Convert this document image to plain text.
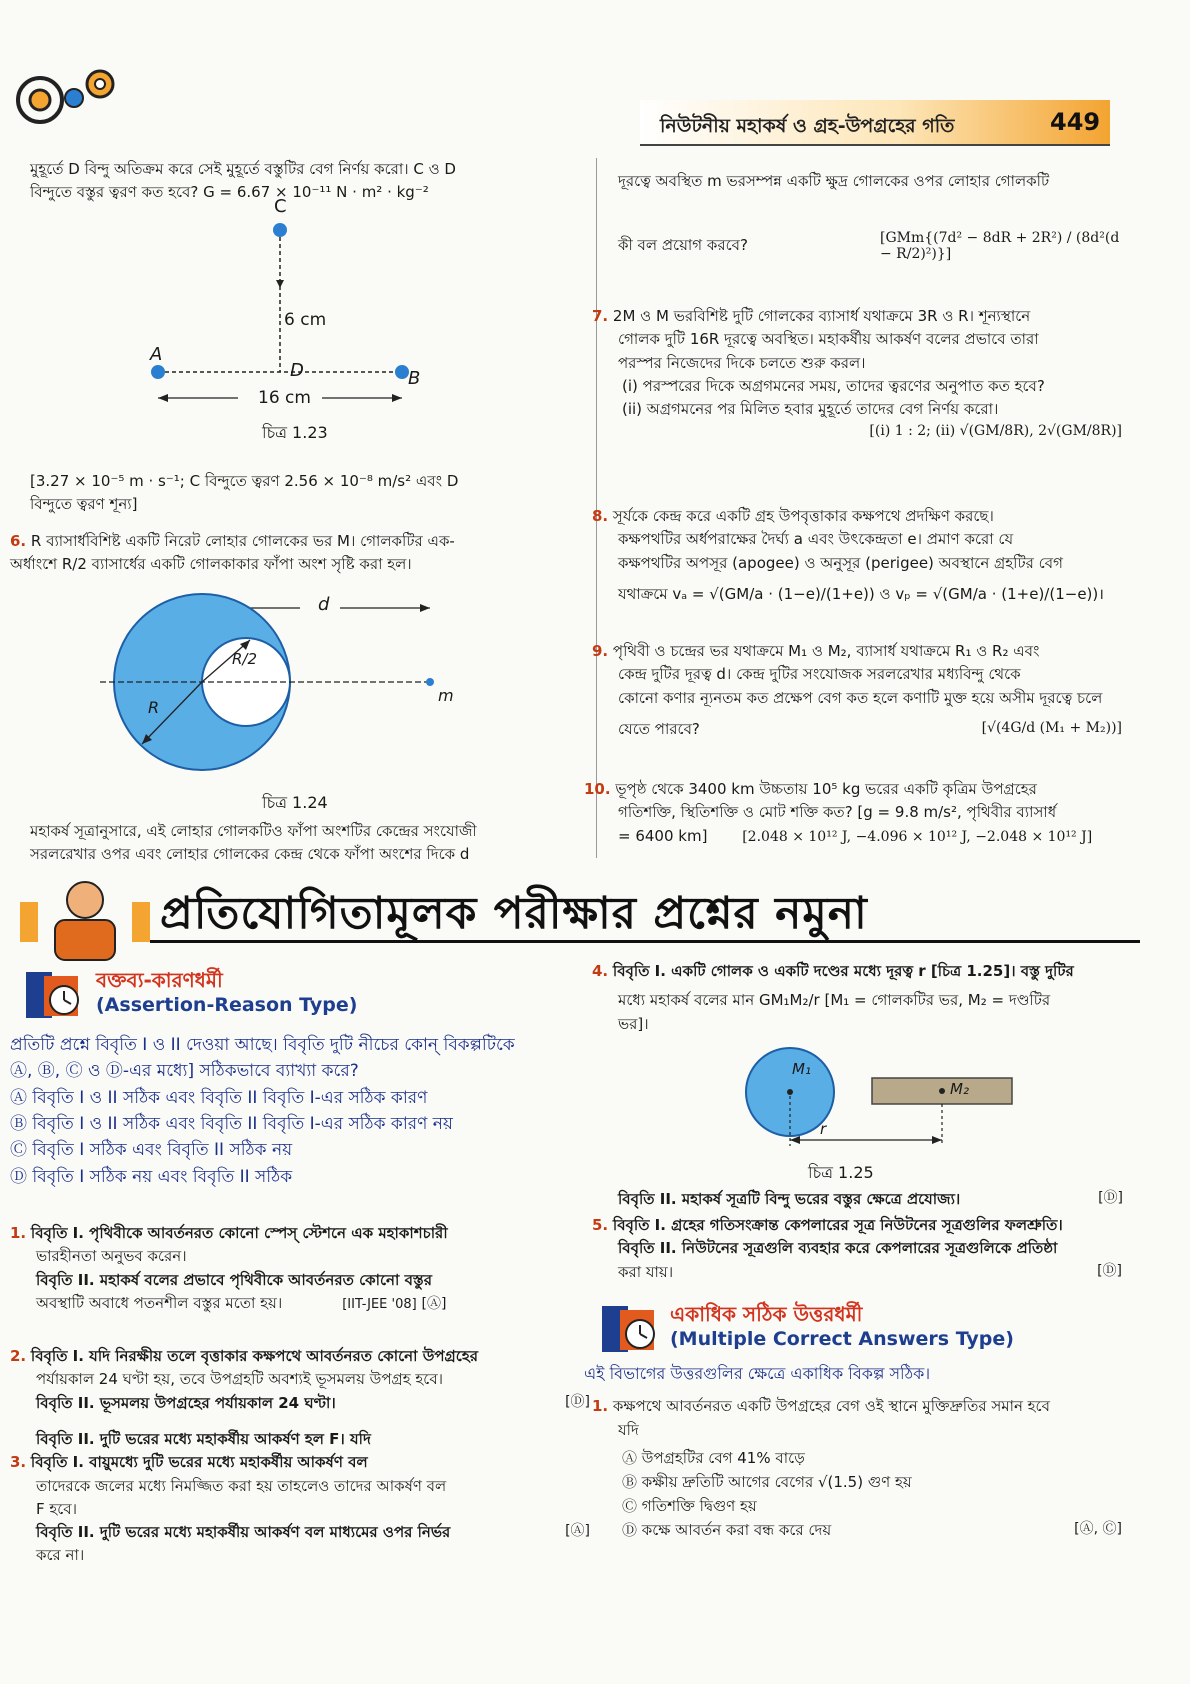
নিউটনীয় মহাকর্ষ ও গ্রহ-উপগ্রহের গতি	449
মুহূর্তে D বিন্দু অতিক্রম করে সেই মুহূর্তে বস্তুটির বেগ নির্ণয় করো। C ও D
বিন্দুতে বস্তুর ত্বরণ কত হবে? G = 6.67 × 10⁻¹¹ N · m² · kg⁻²
C
6 cm
A
D	B
16 cm
চিত্র 1.23
[3.27 × 10⁻⁵ m · s⁻¹; C বিন্দুতে ত্বরণ 2.56 × 10⁻⁸ m/s² এবং D
বিন্দুতে ত্বরণ শূন্য]
6. R ব্যাসার্ধবিশিষ্ট একটি নিরেট লোহার গোলকের ভর M। গোলকটির এক-
অর্ধাংশে R/2 ব্যাসার্ধের একটি গোলকাকার ফাঁপা অংশ সৃষ্টি করা হল।
d
R/2
R
m
চিত্র 1.24
মহাকর্ষ সূত্রানুসারে, এই লোহার গোলকটিও ফাঁপা অংশটির কেন্দ্রের সংযোজী
সরলরেখার ওপর এবং লোহার গোলকের কেন্দ্র থেকে ফাঁপা অংশের দিকে d
দূরত্বে অবস্থিত m ভরসম্পন্ন একটি ক্ষুদ্র গোলকের ওপর লোহার গোলকটি
কী বল প্রয়োগ করবে?	[GMm{(7d² − 8dR + 2R²) / (8d²(d − R/2)²)}]
7. 2M ও M ভরবিশিষ্ট দুটি গোলকের ব্যাসার্ধ যথাক্রমে 3R ও R। শূন্যস্থানে
গোলক দুটি 16R দূরত্বে অবস্থিত। মহাকর্ষীয় আকর্ষণ বলের প্রভাবে তারা
পরস্পর নিজেদের দিকে চলতে শুরু করল।
(i) পরস্পরের দিকে অগ্রগমনের সময়, তাদের ত্বরণের অনুপাত কত হবে?
(ii) অগ্রগমনের পর মিলিত হবার মুহূর্তে তাদের বেগ নির্ণয় করো।
[(i) 1 : 2; (ii) √(GM/8R), 2√(GM/8R)]
8. সূর্যকে কেন্দ্র করে একটি গ্রহ উপবৃত্তাকার কক্ষপথে প্রদক্ষিণ করছে।
কক্ষপথটির অর্ধপরাক্ষের দৈর্ঘ্য a এবং উৎকেন্দ্রতা e। প্রমাণ করো যে
কক্ষপথটির অপসূর (apogee) ও অনুসূর (perigee) অবস্থানে গ্রহটির বেগ
যথাক্রমে vₐ = √(GM/a · (1−e)/(1+e)) ও vₚ = √(GM/a · (1+e)/(1−e))।
9. পৃথিবী ও চন্দ্রের ভর যথাক্রমে M₁ ও M₂, ব্যাসার্ধ যথাক্রমে R₁ ও R₂ এবং
কেন্দ্র দুটির দূরত্ব d। কেন্দ্র দুটির সংযোজক সরলরেখার মধ্যবিন্দু থেকে
কোনো কণার ন্যূনতম কত প্রক্ষেপ বেগ কত হলে কণাটি মুক্ত হয়ে অসীম দূরত্বে চলে
যেতে পারবে?	[√(4G/d (M₁ + M₂))]
10. ভূপৃষ্ঠ থেকে 3400 km উচ্চতায় 10⁵ kg ভরের একটি কৃত্রিম উপগ্রহের
গতিশক্তি, স্থিতিশক্তি ও মোট শক্তি কত? [g = 9.8 m/s², পৃথিবীর ব্যাসার্ধ
= 6400 km] [2.048 × 10¹² J, −4.096 × 10¹² J, −2.048 × 10¹² J]
প্রতিযোগিতামূলক পরীক্ষার প্রশ্নের নমুনা
বক্তব্য-কারণধর্মী
(Assertion-Reason Type)
প্রতিটি প্রশ্নে বিবৃতি I ও II দেওয়া আছে। বিবৃতি দুটি নীচের কোন্ বিকল্পটিকে
Ⓐ, Ⓑ, Ⓒ ও Ⓓ-এর মধ্যে] সঠিকভাবে ব্যাখ্যা করে?
Ⓐ বিবৃতি I ও II সঠিক এবং বিবৃতি II বিবৃতি I-এর সঠিক কারণ
Ⓑ বিবৃতি I ও II সঠিক এবং বিবৃতি II বিবৃতি I-এর সঠিক কারণ নয়
Ⓒ বিবৃতি I সঠিক এবং বিবৃতি II সঠিক নয়
Ⓓ বিবৃতি I সঠিক নয় এবং বিবৃতি II সঠিক
1. বিবৃতি I. পৃথিবীকে আবর্তনরত কোনো স্পেস্ স্টেশনে এক মহাকাশচারী
ভারহীনতা অনুভব করেন।
বিবৃতি II. মহাকর্ষ বলের প্রভাবে পৃথিবীকে আবর্তনরত কোনো বস্তুর
অবস্থাটি অবাধে পতনশীল বস্তুর মতো হয়।	[IIT-JEE '08] [Ⓐ]
2. বিবৃতি I. যদি নিরক্ষীয় তলে বৃত্তাকার কক্ষপথে আবর্তনরত কোনো উপগ্রহের
পর্যায়কাল 24 ঘণ্টা হয়, তবে উপগ্রহটি অবশ্যই ভূসমলয় উপগ্রহ হবে।
বিবৃতি II. ভূসমলয় উপগ্রহের পর্যায়কাল 24 ঘণ্টা।	[Ⓓ]
বিবৃতি II. দুটি ভরের মধ্যে মহাকর্ষীয় আকর্ষণ হল F। যদি
3. বিবৃতি I. বায়ুমধ্যে দুটি ভরের মধ্যে মহাকর্ষীয় আকর্ষণ বল
তাদেরকে জলের মধ্যে নিমজ্জিত করা হয় তাহলেও তাদের আকর্ষণ বল
F হবে।
বিবৃতি II. দুটি ভরের মধ্যে মহাকর্ষীয় আকর্ষণ বল মাধ্যমের ওপর নির্ভর	[Ⓐ]
করে না।
4. বিবৃতি I. একটি গোলক ও একটি দণ্ডের মধ্যে দূরত্ব r [চিত্র 1.25]। বস্তু দুটির
মধ্যে মহাকর্ষ বলের মান GM₁M₂/r [M₁ = গোলকটির ভর, M₂ = দণ্ডটির
ভর]।
M₁
M₂
r
চিত্র 1.25
বিবৃতি II. মহাকর্ষ সূত্রটি বিন্দু ভরের বস্তুর ক্ষেত্রে প্রযোজ্য।	[Ⓓ]
5. বিবৃতি I. গ্রহের গতিসংক্রান্ত কেপলারের সূত্র নিউটনের সূত্রগুলির ফলশ্রুতি।
বিবৃতি II. নিউটনের সূত্রগুলি ব্যবহার করে কেপলারের সূত্রগুলিকে প্রতিষ্ঠা
করা যায়।	[Ⓓ]
একাধিক সঠিক উত্তরধর্মী
(Multiple Correct Answers Type)
এই বিভাগের উত্তরগুলির ক্ষেত্রে একাধিক বিকল্প সঠিক।
1. কক্ষপথে আবর্তনরত একটি উপগ্রহের বেগ ওই স্থানে মুক্তিদ্রুতির সমান হবে
যদি
Ⓐ উপগ্রহটির বেগ 41% বাড়ে
Ⓑ কক্ষীয় দ্রুতিটি আগের বেগের √(1.5) গুণ হয়
Ⓒ গতিশক্তি দ্বিগুণ হয়
Ⓓ কক্ষে আবর্তন করা বন্ধ করে দেয়	[Ⓐ, Ⓒ]
